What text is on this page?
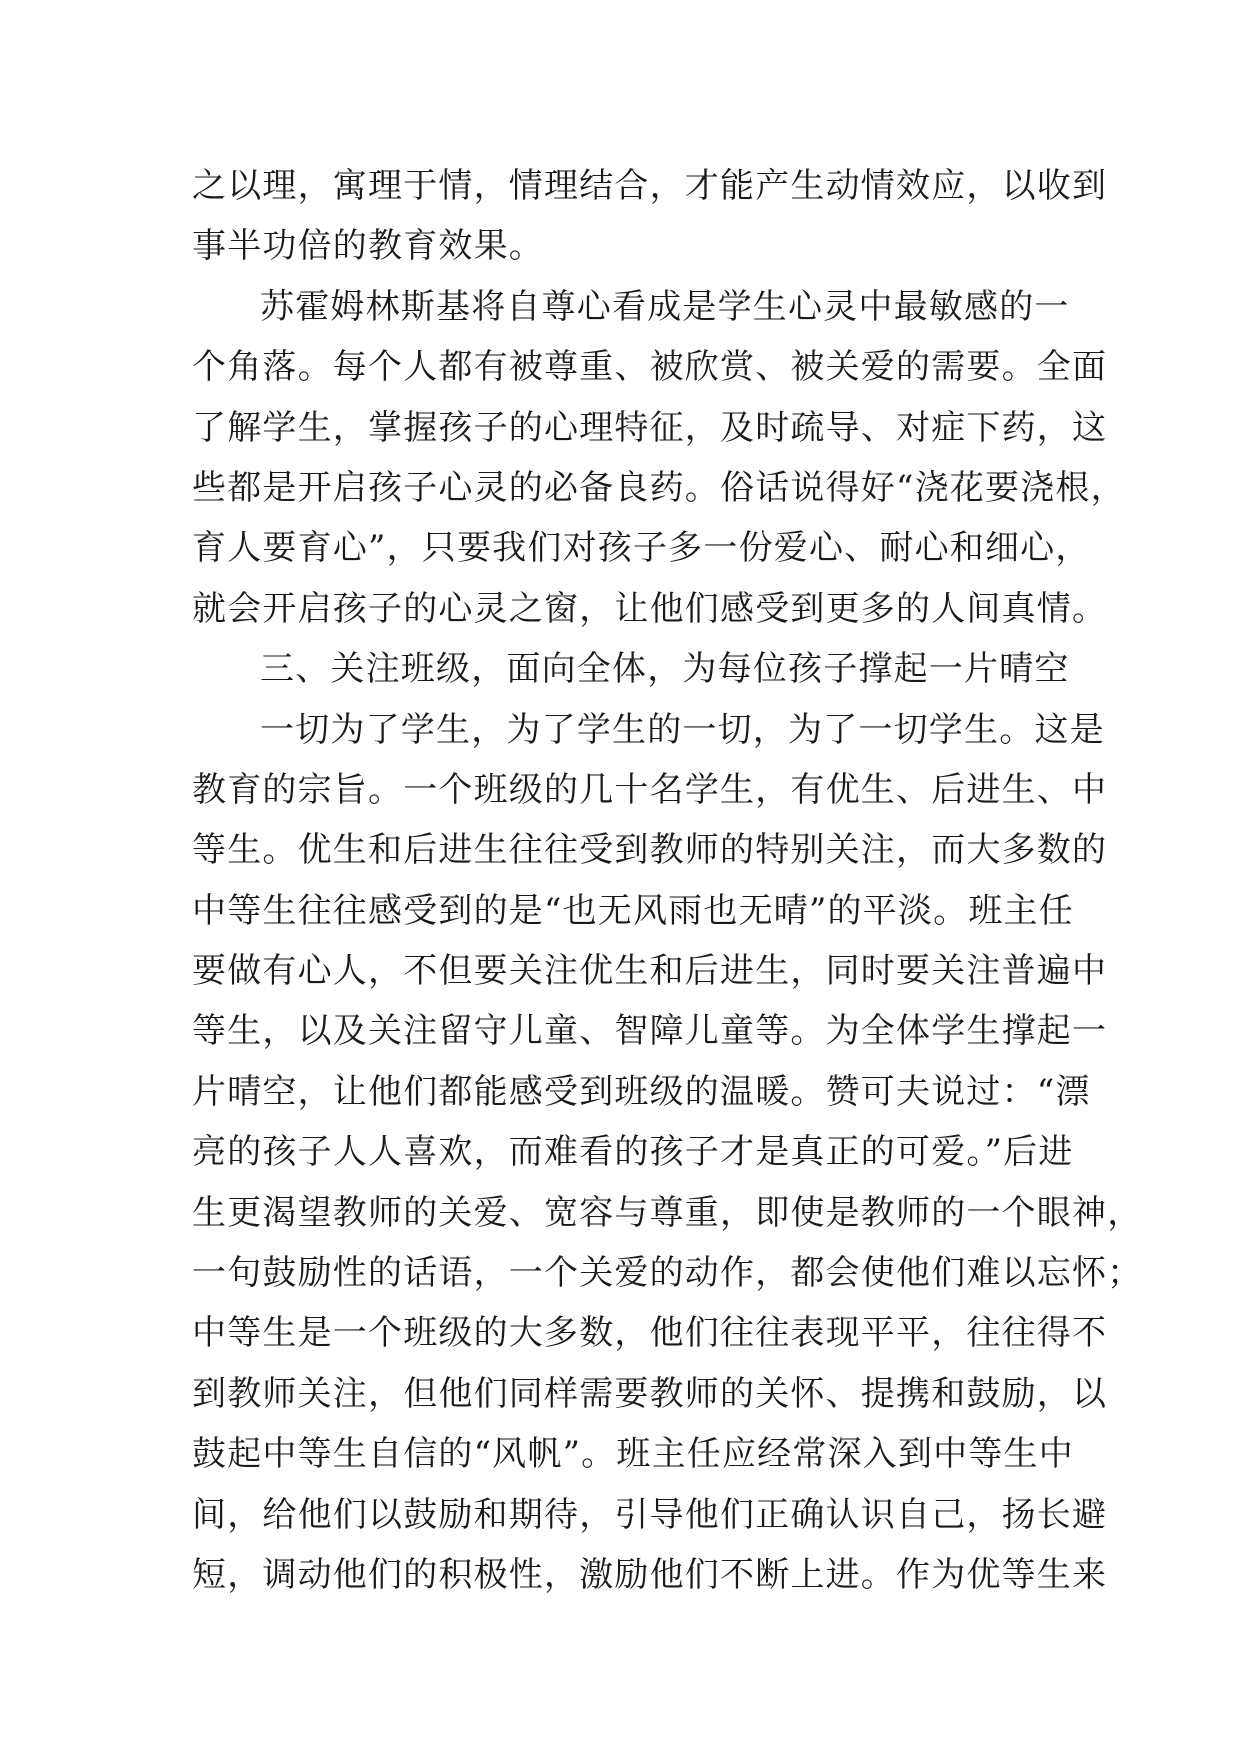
之以理，寓理于情，情理结合，才能产生动情效应，以收到
事半功倍的教育效果。
苏霍姆林斯基将自尊心看成是学生心灵中最敏感的一
个角落。每个人都有被尊重、被欣赏、被关爱的需要。全面
了解学生，掌握孩子的心理特征，及时疏导、对症下药，这
些都是开启孩子心灵的必备良药。俗话说得好“浇花要浇根，
育人要育心”，只要我们对孩子多一份爱心、耐心和细心，
就会开启孩子的心灵之窗，让他们感受到更多的人间真情。
三、关注班级，面向全体，为每位孩子撑起一片晴空
一切为了学生，为了学生的一切，为了一切学生。这是
教育的宗旨。一个班级的几十名学生，有优生、后进生、中
等生。优生和后进生往往受到教师的特别关注，而大多数的
中等生往往感受到的是“也无风雨也无晴”的平淡。班主任
要做有心人，不但要关注优生和后进生，同时要关注普遍中
等生，以及关注留守儿童、智障儿童等。为全体学生撑起一
片晴空，让他们都能感受到班级的温暖。赞可夫说过：“漂
亮的孩子人人喜欢，而难看的孩子才是真正的可爱。”后进
生更渴望教师的关爱、宽容与尊重，即使是教师的一个眼神，
一句鼓励性的话语，一个关爱的动作，都会使他们难以忘怀；
中等生是一个班级的大多数，他们往往表现平平，往往得不
到教师关注，但他们同样需要教师的关怀、提携和鼓励，以
鼓起中等生自信的“风帆”。班主任应经常深入到中等生中
间，给他们以鼓励和期待，引导他们正确认识自己，扬长避
短，调动他们的积极性，激励他们不断上进。作为优等生来
